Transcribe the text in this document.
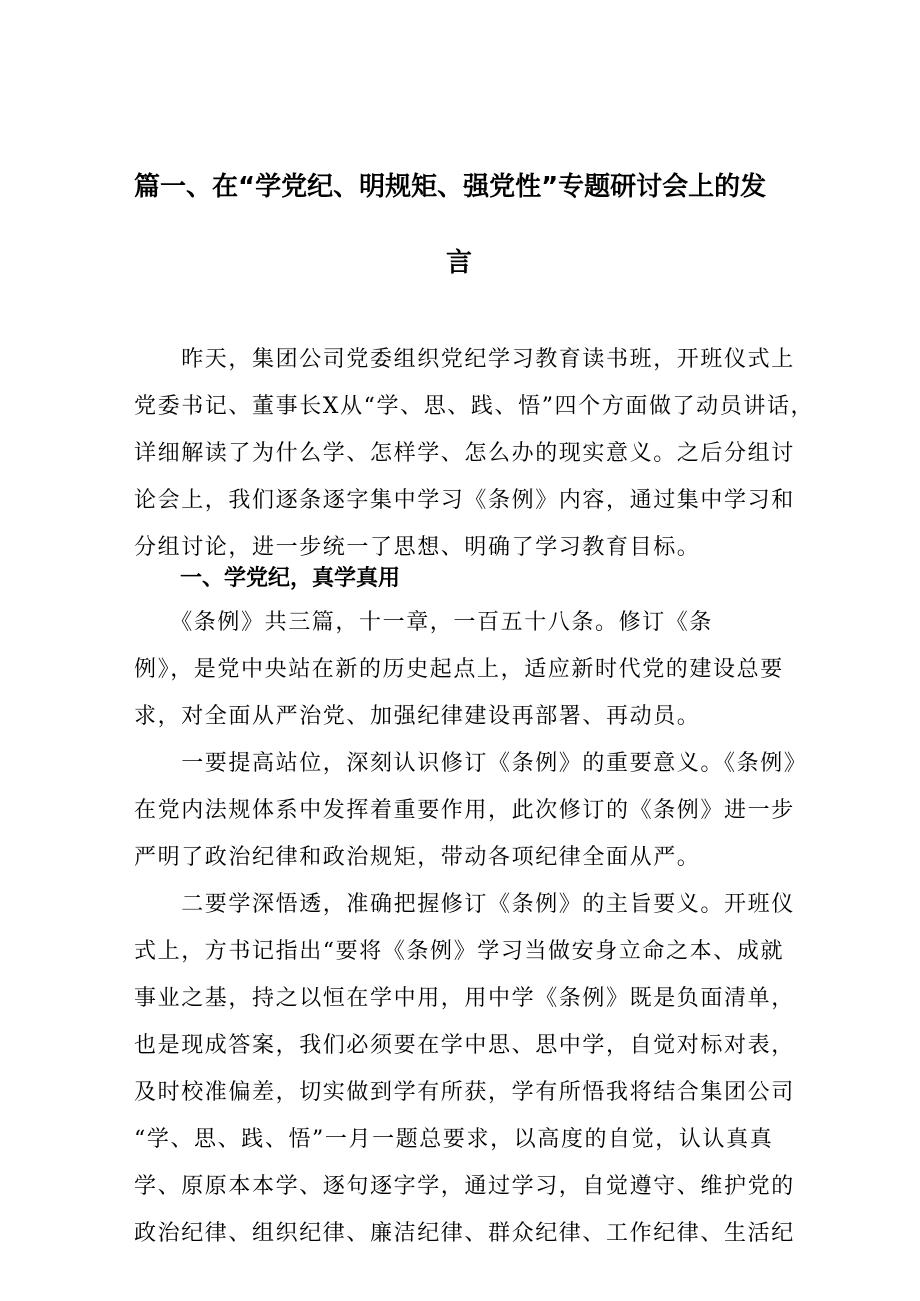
篇一、在“学党纪、明规矩、强党性”专题研讨会上的发
言

　　昨天，集团公司党委组织党纪学习教育读书班，开班仪式上
党委书记、董事长X从“学、思、践、悟”四个方面做了动员讲话，
详细解读了为什么学、怎样学、怎么办的现实意义。之后分组讨
论会上，我们逐条逐字集中学习《条例》内容，通过集中学习和
分组讨论，进一步统一了思想、明确了学习教育目标。

一、学党纪，真学真用

　　《条例》共三篇，十一章，一百五十八条。修订《条
例》，是党中央站在新的历史起点上，适应新时代党的建设总要
求，对全面从严治党、加强纪律建设再部署、再动员。

　　一要提高站位，深刻认识修订《条例》的重要意义。《条例》
在党内法规体系中发挥着重要作用，此次修订的《条例》进一步
严明了政治纪律和政治规矩，带动各项纪律全面从严。

　　二要学深悟透，准确把握修订《条例》的主旨要义。开班仪
式上，方书记指出“要将《条例》学习当做安身立命之本、成就
事业之基，持之以恒在学中用，用中学《条例》既是负面清单，
也是现成答案，我们必须要在学中思、思中学，自觉对标对表，
及时校准偏差，切实做到学有所获，学有所悟我将结合集团公司
“学、思、践、悟”一月一题总要求，以高度的自觉，认认真真
学、原原本本学、逐句逐字学，通过学习，自觉遵守、维护党的
政治纪律、组织纪律、廉洁纪律、群众纪律、工作纪律、生活纪
